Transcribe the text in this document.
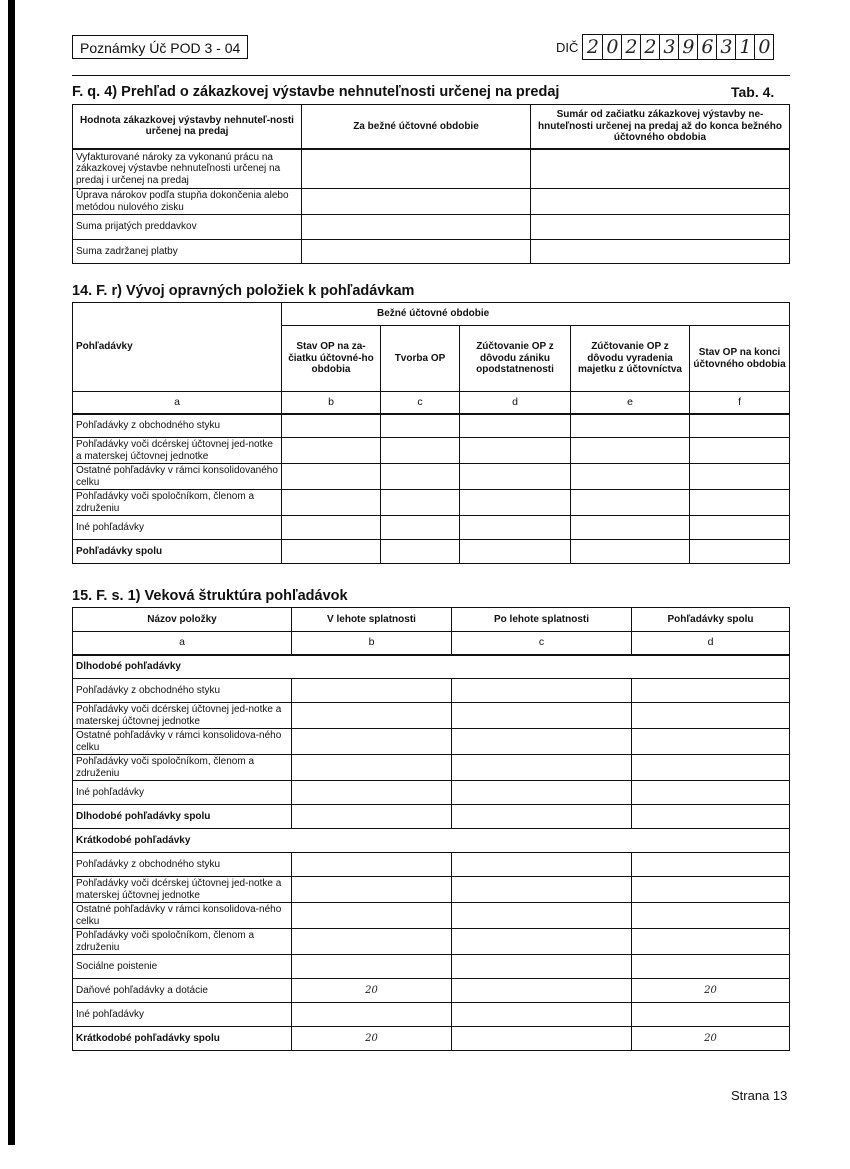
Poznámky Úč POD 3 - 04	DIČ 2 0 2 2 3 9 6 3 1 0
F. q. 4) Prehľad o zákazkovej výstavbe nehnuteľnosti určenej na predaj	Tab. 4.
Hodnota zákazkovej výstavby nehnuteľ-nosti určenej na predaj	Za bežné účtovné obdobie	Sumár od začiatku zákazkovej výstavby ne-hnuteľnosti určenej na predaj až do konca bežného účtovného obdobia
Vyfakturované nároky za vykonanú prácu na zákazkovej výstavbe nehnuteľnosti určenej na predaj i určenej na predaj		
Úprava nárokov podľa stupňa dokončenia alebo metódou nulového zisku		
Suma prijatých preddavkov		
Suma zadržanej platby		
14. F. r) Vývoj opravných položiek k pohľadávkam
Pohľadávky	Bežné účtovné obdobie				
	Stav OP na za-čiatku účtovné-ho obdobia	Tvorba OP	Zúčtovanie OP z dôvodu zániku opodstatnenosti	Zúčtovanie OP z dôvodu vyradenia majetku z účtovníctva	Stav OP na konci účtovného obdobia
a	b	c	d	e	f
Pohľadávky z obchodného styku					
Pohľadávky voči dcérskej účtovnej jed-notke a materskej účtovnej jednotke					
Ostatné pohľadávky v rámci konsolidovaného celku					
Pohľadávky voči spoločníkom, členom a združeniu					
Iné pohľadávky					
Pohľadávky spolu					
15. F. s. 1) Veková štruktúra pohľadávok
Názov položky	V lehote splatnosti	Po lehote splatnosti	Pohľadávky spolu
a	b	c	d
Dlhodobé pohľadávky			
Pohľadávky z obchodného styku			
Pohľadávky voči dcérskej účtovnej jed-notke a materskej účtovnej jednotke			
Ostatné pohľadávky v rámci konsolidova-ného celku			
Pohľadávky voči spoločníkom, členom a združeniu			
Iné pohľadávky			
Dlhodobé pohľadávky spolu			
Krátkodobé pohľadávky			
Pohľadávky z obchodného styku			
Pohľadávky voči dcérskej účtovnej jed-notke a materskej účtovnej jednotke			
Ostatné pohľadávky v rámci konsolidova-ného celku			
Pohľadávky voči spoločníkom, členom a združeniu			
Sociálne poistenie			
Daňové pohľadávky a dotácie	20		20
Iné pohľadávky			
Krátkodobé pohľadávky spolu	20		20
Strana 13
